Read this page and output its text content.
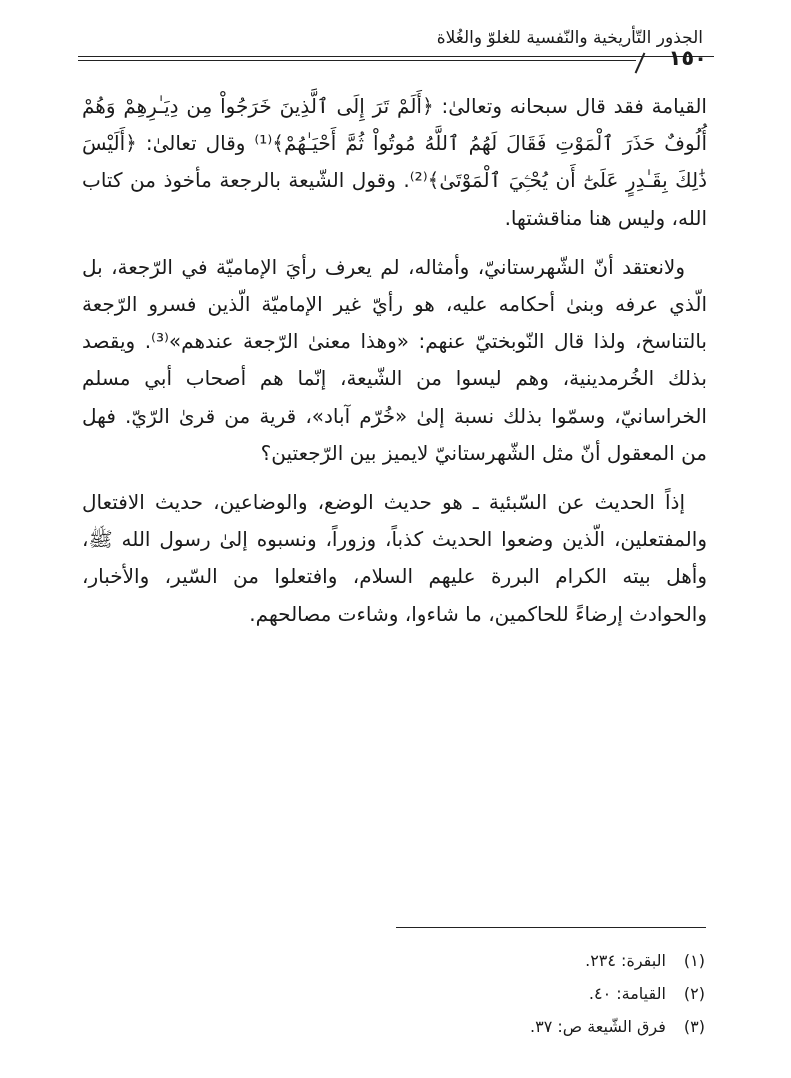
الجذور التّأريخية والنّفسية للغلوّ والغُلاة
١٥٠

القيامة فقد قال سبحانه وتعالىٰ: ﴿أَلَمْ تَرَ إِلَى ٱلَّذِينَ خَرَجُواْ مِن دِيَـٰرِهِمْ وَهُمْ أُلُوفٌ حَذَرَ ٱلْمَوْتِ فَقَالَ لَهُمُ ٱللَّهُ مُوتُواْ ثُمَّ أَحْيَـٰهُمْ﴾⁽¹⁾ وقال تعالىٰ: ﴿أَلَيْسَ ذَٰلِكَ بِقَـٰدِرٍ عَلَىٰٓ أَن يُحْـِۧيَ ٱلْمَوْتَىٰ﴾⁽²⁾. وقول الشّيعة بالرجعة مأخوذ من كتاب الله، وليس هنا مناقشتها.

ولانعتقد أنّ الشّهرستانيّ، وأمثاله، لم يعرف رأيَ الإماميّة في الرّجعة، بل الّذي عرفه وبنىٰ أحكامه عليه، هو رأيّ غير الإماميّة الّذين فسرو الرّجعة بالتناسخ، ولذا قال النّوبختيّ عنهم: «وهذا معنىٰ الرّجعة عندهم»⁽³⁾. ويقصد بذلك الخُرمدينية، وهم ليسوا من الشّيعة، إنّما هم أصحاب أبي مسلم الخراسانيّ، وسمّوا بذلك نسبة إلىٰ «خُرّم آباد»، قرية من قرىٰ الرّيّ. فهل من المعقول أنّ مثل الشّهرستانيّ لايميز بين الرّجعتين؟

إذاً الحديث عن السّبئية ـ هو حديث الوضع، والوضاعين، حديث الافتعال والمفتعلين، الّذين وضعوا الحديث كذباً، وزوراً، ونسبوه إلىٰ رسول الله ﷺ، وأهل بيته الكرام البررة عليهم السلام، وافتعلوا من السّير، والأخبار، والحوادث إرضاءً للحاكمين، ما شاءوا، وشاءت مصالحهم.

(١) البقرة: ٢٣٤.
(٢) القيامة: ٤٠.
(٣) فرق الشّيعة ص: ٣٧.
